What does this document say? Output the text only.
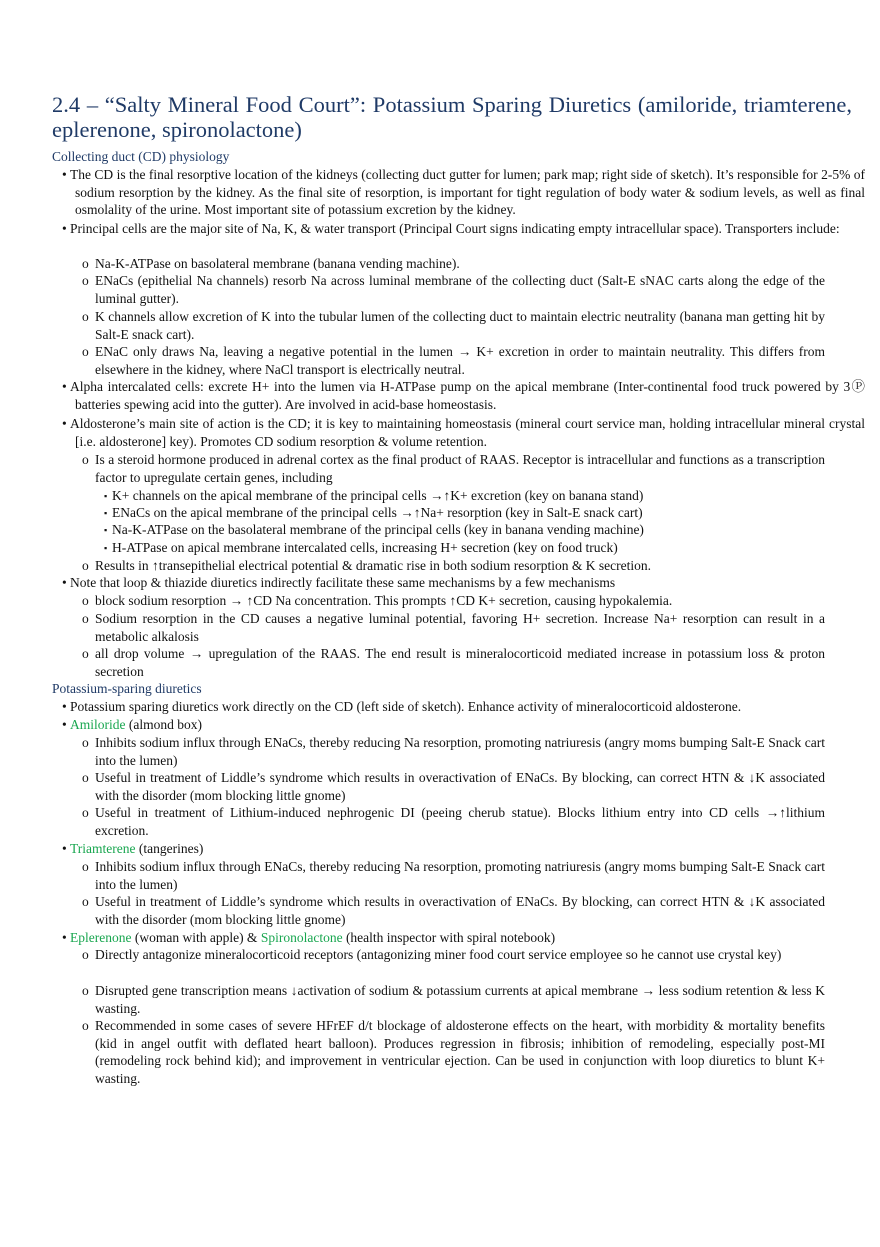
2.4 – “Salty Mineral Food Court”: Potassium Sparing Diuretics (amiloride, triamterene, eplerenone, spironolactone)
Collecting duct (CD) physiology
• The CD is the final resorptive location of the kidneys (collecting duct gutter for lumen; park map; right side of sketch). It’s responsible for 2-5% of sodium resorption by the kidney. As the final site of resorption, is important for tight regulation of body water & sodium levels, as well as final osmolality of the urine. Most important site of potassium excretion by the kidney.
• Principal cells are the major site of Na, K, & water transport (Principal Court signs indicating empty intracellular space). Transporters include:
o Na-K-ATPase on basolateral membrane (banana vending machine).
o ENaCs (epithelial Na channels) resorb Na across luminal membrane of the collecting duct (Salt-E sNAC carts along the edge of the luminal gutter).
o K channels allow excretion of K into the tubular lumen of the collecting duct to maintain electric neutrality (banana man getting hit by Salt-E snack cart).
o ENaC only draws Na, leaving a negative potential in the lumen → K+ excretion in order to maintain neutrality. This differs from elsewhere in the kidney, where NaCl transport is electrically neutral.
• Alpha intercalated cells: excrete H+ into the lumen via H-ATPase pump on the apical membrane (Inter-continental food truck powered by 3Ⓟ batteries spewing acid into the gutter). Are involved in acid-base homeostasis.
• Aldosterone’s main site of action is the CD; it is key to maintaining homeostasis (mineral court service man, holding intracellular mineral crystal [i.e. aldosterone] key). Promotes CD sodium resorption & volume retention.
o Is a steroid hormone produced in adrenal cortex as the final product of RAAS. Receptor is intracellular and functions as a transcription factor to upregulate certain genes, including
▪ K+ channels on the apical membrane of the principal cells →↑K+ excretion (key on banana stand)
▪ ENaCs on the apical membrane of the principal cells →↑Na+ resorption (key in Salt-E snack cart)
▪ Na-K-ATPase on the basolateral membrane of the principal cells (key in banana vending machine)
▪ H-ATPase on apical membrane intercalated cells, increasing H+ secretion (key on food truck)
o Results in ↑transepithelial electrical potential & dramatic rise in both sodium resorption & K secretion.
• Note that loop & thiazide diuretics indirectly facilitate these same mechanisms by a few mechanisms
o block sodium resorption → ↑CD Na concentration. This prompts ↑CD K+ secretion, causing hypokalemia.
o Sodium resorption in the CD causes a negative luminal potential, favoring H+ secretion. Increase Na+ resorption can result in a metabolic alkalosis
o all drop volume → upregulation of the RAAS. The end result is mineralocorticoid mediated increase in potassium loss & proton secretion
Potassium-sparing diuretics
• Potassium sparing diuretics work directly on the CD (left side of sketch). Enhance activity of mineralocorticoid aldosterone.
• Amiloride (almond box)
o Inhibits sodium influx through ENaCs, thereby reducing Na resorption, promoting natriuresis (angry moms bumping Salt-E Snack cart into the lumen)
o Useful in treatment of Liddle’s syndrome which results in overactivation of ENaCs. By blocking, can correct HTN & ↓K associated with the disorder (mom blocking little gnome)
o Useful in treatment of Lithium-induced nephrogenic DI (peeing cherub statue). Blocks lithium entry into CD cells →↑lithium excretion.
• Triamterene (tangerines)
o Inhibits sodium influx through ENaCs, thereby reducing Na resorption, promoting natriuresis (angry moms bumping Salt-E Snack cart into the lumen)
o Useful in treatment of Liddle’s syndrome which results in overactivation of ENaCs. By blocking, can correct HTN & ↓K associated with the disorder (mom blocking little gnome)
• Eplerenone (woman with apple) & Spironolactone (health inspector with spiral notebook)
o Directly antagonize mineralocorticoid receptors (antagonizing miner food court service employee so he cannot use crystal key)
o Disrupted gene transcription means ↓activation of sodium & potassium currents at apical membrane → less sodium retention & less K wasting.
o Recommended in some cases of severe HFrEF d/t blockage of aldosterone effects on the heart, with morbidity & mortality benefits (kid in angel outfit with deflated heart balloon). Produces regression in fibrosis; inhibition of remodeling, especially post-MI (remodeling rock behind kid); and improvement in ventricular ejection. Can be used in conjunction with loop diuretics to blunt K+ wasting.
